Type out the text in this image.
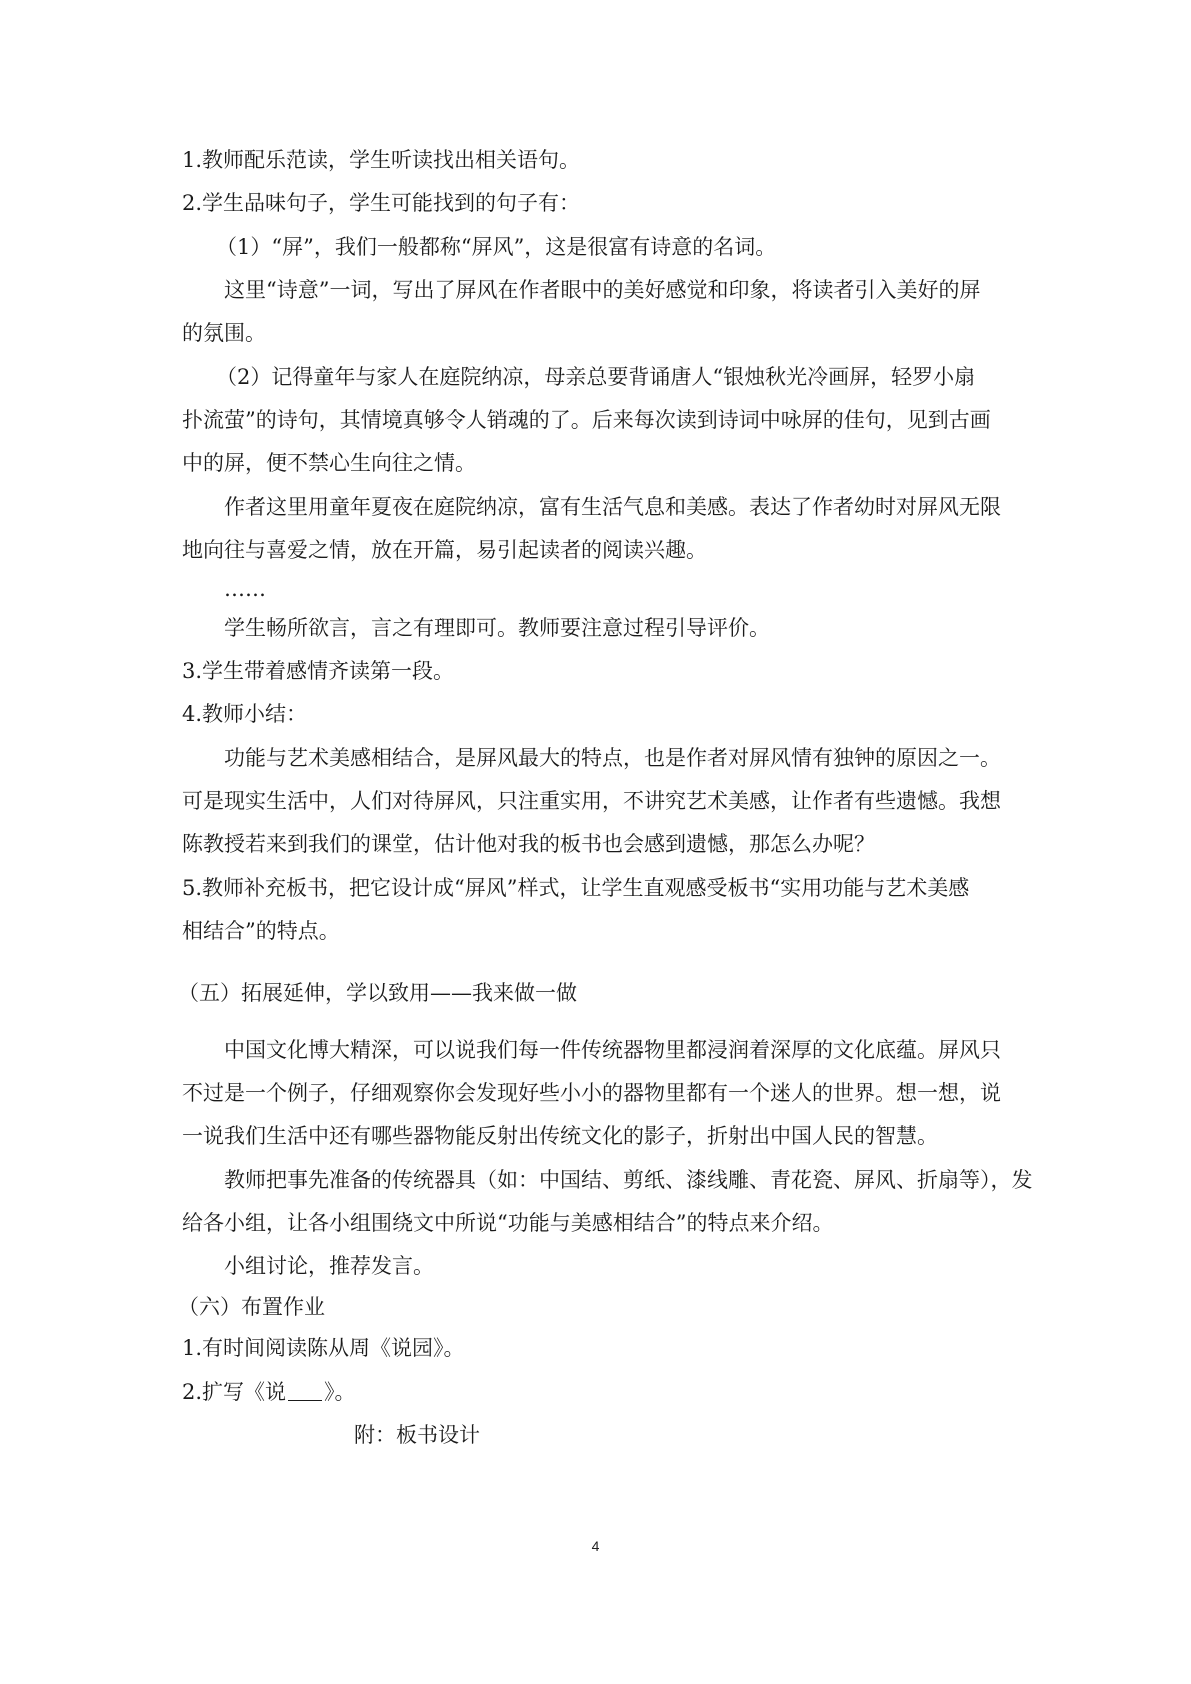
1.教师配乐范读，学生听读找出相关语句。
2.学生品味句子，学生可能找到的句子有：
（1）“屏”，我们一般都称“屏风”，这是很富有诗意的名词。
这里“诗意”一词，写出了屏风在作者眼中的美好感觉和印象，将读者引入美好的屏
的氛围。
（2）记得童年与家人在庭院纳凉，母亲总要背诵唐人“银烛秋光冷画屏，轻罗小扇
扑流萤”的诗句，其情境真够令人销魂的了。后来每次读到诗词中咏屏的佳句，见到古画
中的屏，便不禁心生向往之情。
作者这里用童年夏夜在庭院纳凉，富有生活气息和美感。表达了作者幼时对屏风无限
地向往与喜爱之情，放在开篇，易引起读者的阅读兴趣。
……
学生畅所欲言，言之有理即可。教师要注意过程引导评价。
3.学生带着感情齐读第一段。
4.教师小结：
功能与艺术美感相结合，是屏风最大的特点，也是作者对屏风情有独钟的原因之一。
可是现实生活中，人们对待屏风，只注重实用，不讲究艺术美感，让作者有些遗憾。我想
陈教授若来到我们的课堂，估计他对我的板书也会感到遗憾，那怎么办呢？
5.教师补充板书，把它设计成“屏风”样式，让学生直观感受板书“实用功能与艺术美感
相结合”的特点。
（五）拓展延伸，学以致用——我来做一做
中国文化博大精深，可以说我们每一件传统器物里都浸润着深厚的文化底蕴。屏风只
不过是一个例子，仔细观察你会发现好些小小的器物里都有一个迷人的世界。想一想，说
一说我们生活中还有哪些器物能反射出传统文化的影子，折射出中国人民的智慧。
教师把事先准备的传统器具（如：中国结、剪纸、漆线雕、青花瓷、屏风、折扇等），发
给各小组，让各小组围绕文中所说“功能与美感相结合”的特点来介绍。
小组讨论，推荐发言。
（六）布置作业
1.有时间阅读陈从周《说园》。
2.扩写《说 》。
附：板书设计
4
